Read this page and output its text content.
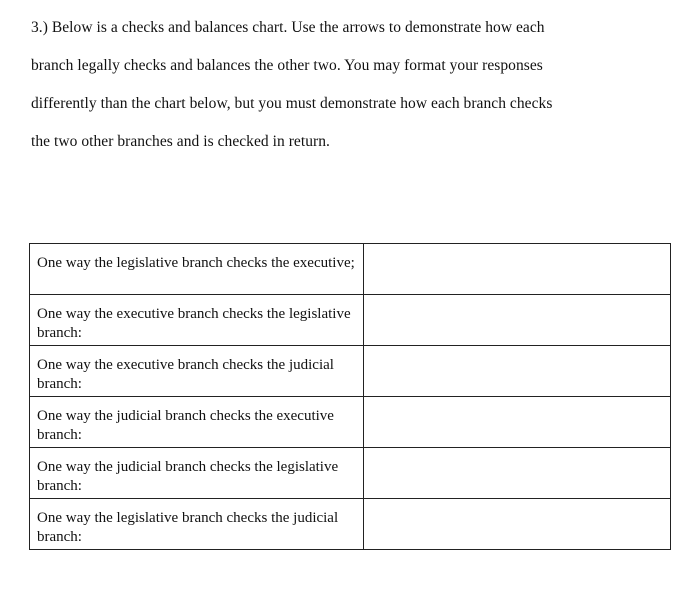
3.) Below is a checks and balances chart. Use the arrows to demonstrate how each
branch legally checks and balances the other two. You may format your responses
differently than the chart below, but you must demonstrate how each branch checks
the two other branches and is checked in return.
One way the legislative branch checks the executive;	
One way the executive branch checks the legislative branch:	
One way the executive branch checks the judicial branch:	
One way the judicial branch checks the executive branch:	
One way the judicial branch checks the legislative branch:	
One way the legislative branch checks the judicial branch:	
